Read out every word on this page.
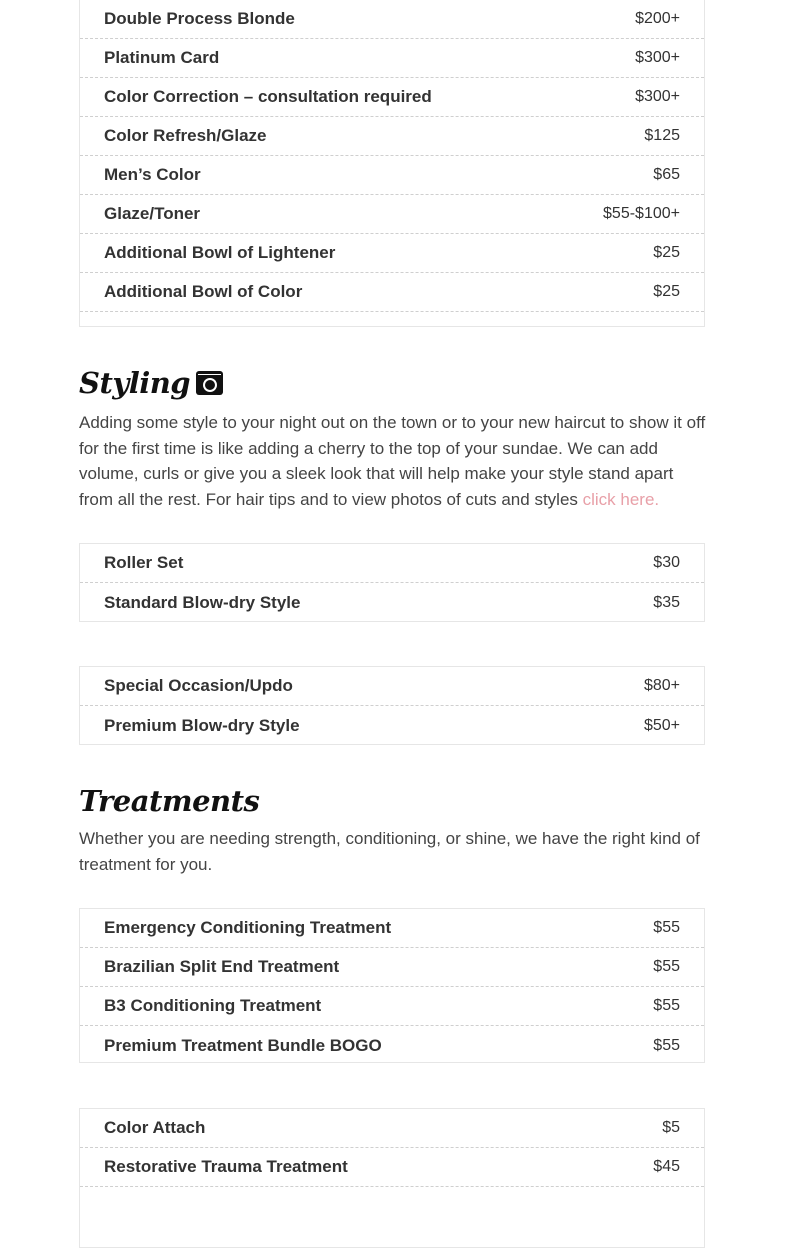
Double Process Blonde	$200+
Platinum Card	$300+
Color Correction – consultation required	$300+
Color Refresh/Glaze	$125
Men’s Color	$65
Glaze/Toner	$55-$100+
Additional Bowl of Lightener	$25
Additional Bowl of Color	$25
Styling

Adding some style to your night out on the town or to your new haircut to show it off for the first time is like adding a cherry to the top of your sundae. We can add volume, curls or give you a sleek look that will help make your style stand apart from all the rest. For hair tips and to view photos of cuts and styles click here.

Roller Set	$30
Standard Blow-dry Style	$35
Special Occasion/Updo	$80+
Premium Blow-dry Style	$50+
Treatments

Whether you are needing strength, conditioning, or shine, we have the right kind of treatment for you.

Emergency Conditioning Treatment	$55
Brazilian Split End Treatment	$55
B3 Conditioning Treatment	$55
Premium Treatment Bundle BOGO	$55
Color Attach	$5
Restorative Trauma Treatment	$45
